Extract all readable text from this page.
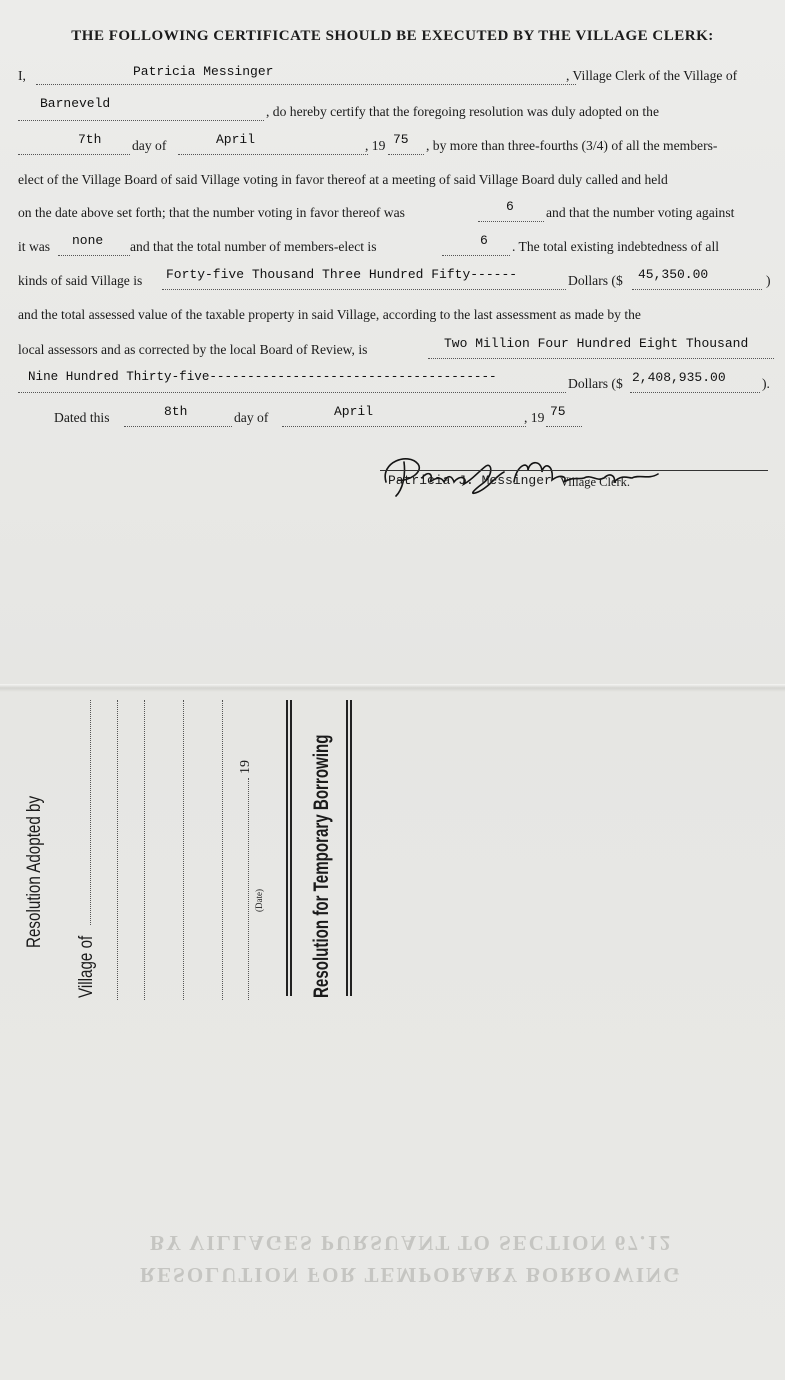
BY VILLAGES PURSUANT TO SECTION 67.12
RESOLUTION FOR TEMPORARY BORROWING
THE FOLLOWING CERTIFICATE SHOULD BE EXECUTED BY THE VILLAGE CLERK:
I,	Patricia Messinger	, Village Clerk of the Village of
Barneveld
, do hereby certify that the foregoing resolution was duly adopted on the
7th day of	April	, 19 75 , by more than three-fourths (3/4) of all the members-
elect of the Village Board of said Village voting in favor thereof at a meeting of said Village Board duly called and held
on the date above set forth; that the number voting in favor thereof was	6 and that the number voting against
it was none and that the total number of members-elect is	6 . The total existing indebtedness of all
kinds of said Village is Forty-five Thousand Three Hundred Fifty------	Dollars ($ 45,350.00	)
and the total assessed value of the taxable property in said Village, according to the last assessment as made by the
local assessors and as corrected by the local Board of Review, is	Two Million Four Hundred Eight Thousand
Nine Hundred Thirty-five--------------------------------------	Dollars ($ 2,408,935.00	).
Dated this	8th	day of	April	, 19 75
Patricia J. Messinger Village Clerk.
Resolution Adopted by
Village of
19
(Date) Resolution for Temporary Borrowing
